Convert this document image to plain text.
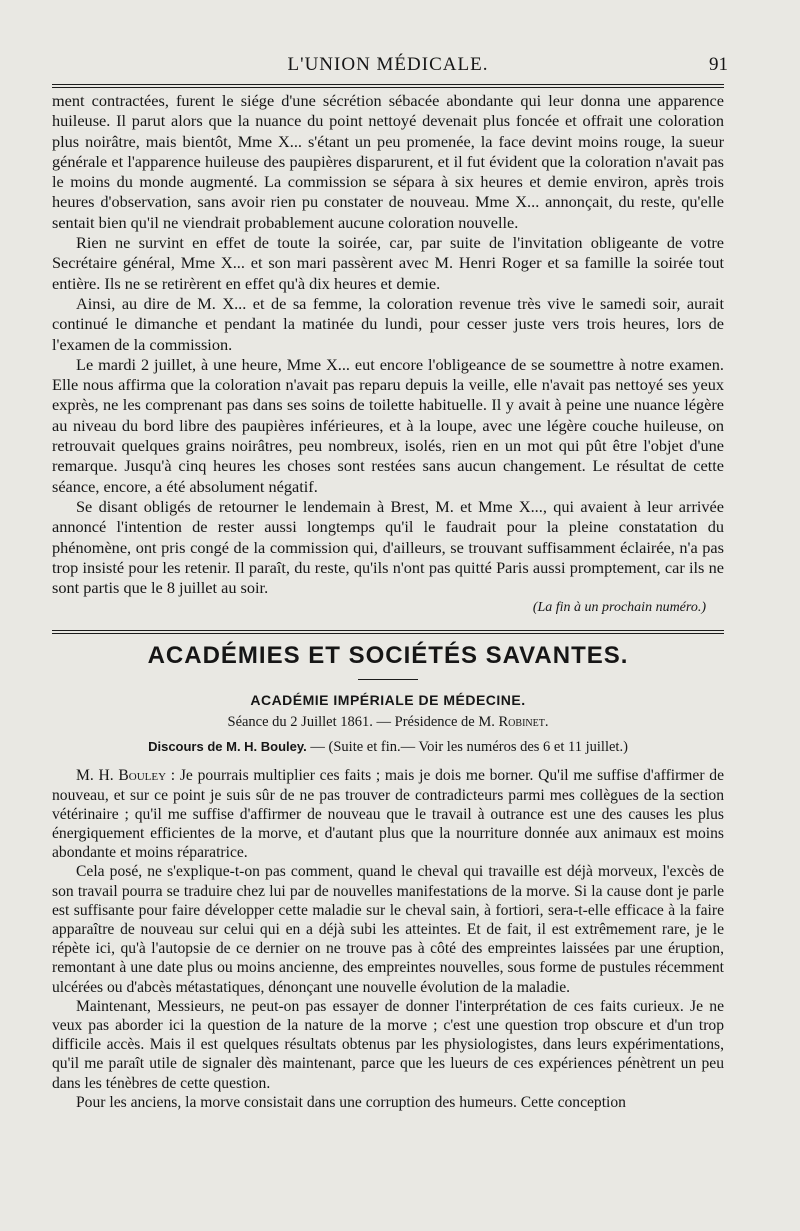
L'UNION MÉDICALE.	91

ment contractées, furent le siége d'une sécrétion sébacée abondante qui leur donna une apparence huileuse. Il parut alors que la nuance du point nettoyé devenait plus foncée et offrait une coloration plus noirâtre, mais bientôt, Mme X... s'étant un peu promenée, la face devint moins rouge, la sueur générale et l'apparence huileuse des paupières disparurent, et il fut évident que la coloration n'avait pas le moins du monde augmenté. La commission se sépara à six heures et demie environ, après trois heures d'observation, sans avoir rien pu constater de nouveau. Mme X... annonçait, du reste, qu'elle sentait bien qu'il ne viendrait probablement aucune coloration nouvelle.

Rien ne survint en effet de toute la soirée, car, par suite de l'invitation obligeante de votre Secrétaire général, Mme X... et son mari passèrent avec M. Henri Roger et sa famille la soirée tout entière. Ils ne se retirèrent en effet qu'à dix heures et demie.

Ainsi, au dire de M. X... et de sa femme, la coloration revenue très vive le samedi soir, aurait continué le dimanche et pendant la matinée du lundi, pour cesser juste vers trois heures, lors de l'examen de la commission.

Le mardi 2 juillet, à une heure, Mme X... eut encore l'obligeance de se soumettre à notre examen. Elle nous affirma que la coloration n'avait pas reparu depuis la veille, elle n'avait pas nettoyé ses yeux exprès, ne les comprenant pas dans ses soins de toilette habituelle. Il y avait à peine une nuance légère au niveau du bord libre des paupières inférieures, et à la loupe, avec une légère couche huileuse, on retrouvait quelques grains noirâtres, peu nombreux, isolés, rien en un mot qui pût être l'objet d'une remarque. Jusqu'à cinq heures les choses sont restées sans aucun changement. Le résultat de cette séance, encore, a été absolument négatif.

Se disant obligés de retourner le lendemain à Brest, M. et Mme X..., qui avaient à leur arrivée annoncé l'intention de rester aussi longtemps qu'il le faudrait pour la pleine constatation du phénomène, ont pris congé de la commission qui, d'ailleurs, se trouvant suffisamment éclairée, n'a pas trop insisté pour les retenir. Il paraît, du reste, qu'ils n'ont pas quitté Paris aussi promptement, car ils ne sont partis que le 8 juillet au soir.

(La fin à un prochain numéro.)
ACADÉMIES ET SOCIÉTÉS SAVANTES.
ACADÉMIE IMPÉRIALE DE MÉDECINE.
Séance du 2 Juillet 1861. — Présidence de M. Robinet.
Discours de M. H. Bouley. — (Suite et fin.— Voir les numéros des 6 et 11 juillet.)

M. H. Bouley : Je pourrais multiplier ces faits ; mais je dois me borner. Qu'il me suffise d'affirmer de nouveau, et sur ce point je suis sûr de ne pas trouver de contradicteurs parmi mes collègues de la section vétérinaire ; qu'il me suffise d'affirmer de nouveau que le travail à outrance est une des causes les plus énergiquement efficientes de la morve, et d'autant plus que la nourriture donnée aux animaux est moins abondante et moins réparatrice.

Cela posé, ne s'explique-t-on pas comment, quand le cheval qui travaille est déjà morveux, l'excès de son travail pourra se traduire chez lui par de nouvelles manifestations de la morve. Si la cause dont je parle est suffisante pour faire développer cette maladie sur le cheval sain, à fortiori, sera-t-elle efficace à la faire apparaître de nouveau sur celui qui en a déjà subi les atteintes. Et de fait, il est extrêmement rare, je le répète ici, qu'à l'autopsie de ce dernier on ne trouve pas à côté des empreintes laissées par une éruption, remontant à une date plus ou moins ancienne, des empreintes nouvelles, sous forme de pustules récemment ulcérées ou d'abcès métastatiques, dénonçant une nouvelle évolution de la maladie.

Maintenant, Messieurs, ne peut-on pas essayer de donner l'interprétation de ces faits curieux. Je ne veux pas aborder ici la question de la nature de la morve ; c'est une question trop obscure et d'un trop difficile accès. Mais il est quelques résultats obtenus par les physiologistes, dans leurs expérimentations, qu'il me paraît utile de signaler dès maintenant, parce que les lueurs de ces expériences pénètrent un peu dans les ténèbres de cette question.

Pour les anciens, la morve consistait dans une corruption des humeurs. Cette conception
